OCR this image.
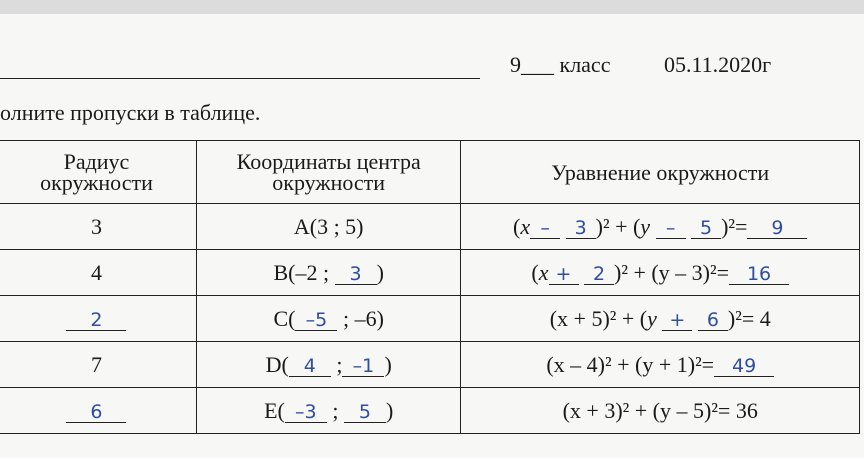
9___ класс 05.11.2020г
олните пропуски в таблице.
Радиус окружности	Координаты центра окружности	Уравнение окружности
3	А(3 ; 5)	(x – 3 )² + (y – 5 )²= 9
4	В(–2 ; 3 )	(x + 2 )² + (y – 3)²= 16
2	С( –5 ; –6)	(x + 5)² + (y + 6 )²= 4
7	D( 4 ; –1 )	(x – 4)² + (y + 1)²= 49
6	Е( –3 ; 5 )	(x + 3)² + (y – 5)²= 36
